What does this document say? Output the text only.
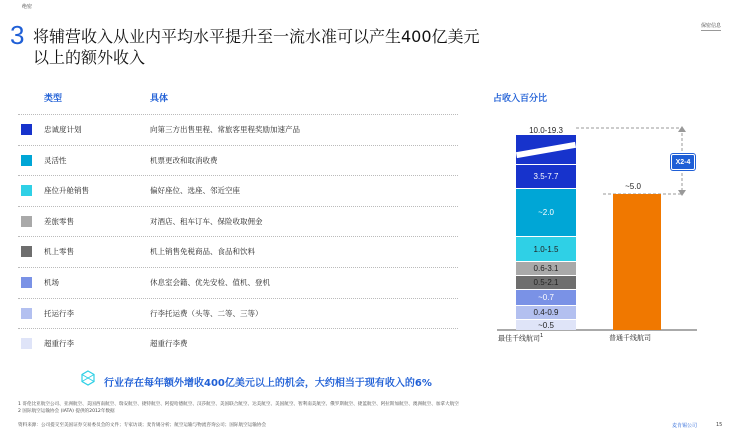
绝密
保密信息
3 将辅营收入从业内平均水平提升至一流水准可以产生400亿美元
以上的额外收入
类型	具体
忠诚度计划	向第三方出售里程、常旅客里程奖励加速产品
灵活性	机票更改和取消收费
座位升舱销售	偏好座位、选座、邻近空座
差旅零售	对酒店、租车订车、保险收取佣金
机上零售	机上销售免税商品、食品和饮料
机场	休息室会籍、优先安检、值机、登机
托运行李	行李托运费（头等、二等、三等）
超重行李	超重行李费
占收入百分比
~0.5
0.4-0.9
~0.7
0.5-2.1
0.6-3.1
1.0-1.5
~2.0
3.5-7.7
10.0-19.3
X2-4
~5.0
最佳千线航司$^1$	普通千线航司
行业存在每年额外增收400亿美元以上的机会，大约相当于现有收入的6%
1 哥伦比亚航空公司、亚洲航空、美国西南航空、瑞安航空、捷特航空、阿提哈德航空、汉莎航空、美国联合航空、达美航空、美国航空、智利南美航空、俄罗斯航空、捷蓝航空、阿拉斯加航空、澳洲航空、加拿大航空
2 国际航空运输协会 (IATA) 提供的2012年数据
资料来源：公司提交至美国证券交易委员会的文件；专家访谈；麦肯锡分析；航空运输与物流咨询公司；国际航空运输协会	麦肯锡公司	15
